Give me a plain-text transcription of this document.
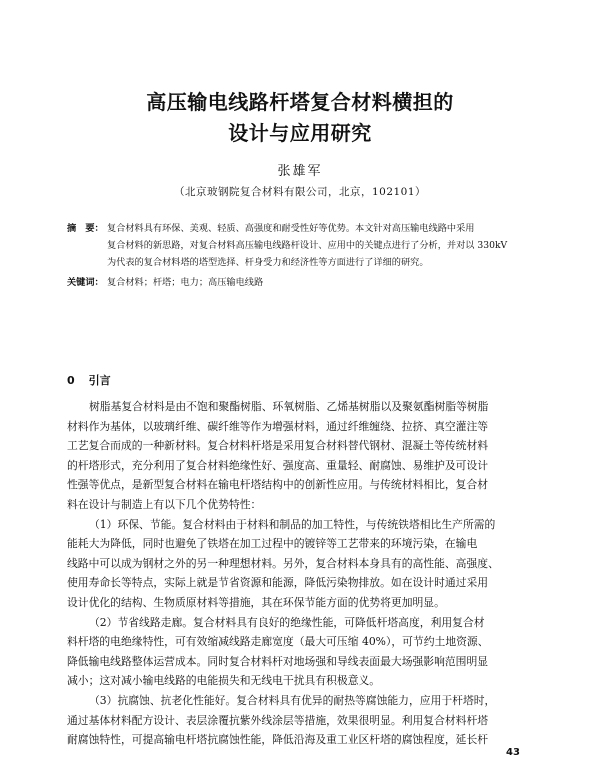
高压输电线路杆塔复合材料横担的
设计与应用研究
张雄军
（北京玻钢院复合材料有限公司，北京，102101）
摘　要： 复合材料具有环保、美观、轻质、高强度和耐受性好等优势。本文针对高压输电线路中采用
复合材料的新思路，对复合材料高压输电线路杆设计、应用中的关键点进行了分析，并对以 330kV
为代表的复合材料塔的塔型选择、杆身受力和经济性等方面进行了详细的研究。
关键词： 复合材料；杆塔；电力；高压输电线路
0 引言
树脂基复合材料是由不饱和聚酯树脂、环氧树脂、乙烯基树脂以及聚氨酯树脂等树脂
材料作为基体，以玻璃纤维、碳纤维等作为增强材料，通过纤维缠绕、拉挤、真空灌注等
工艺复合而成的一种新材料。复合材料杆塔是采用复合材料替代钢材、混凝土等传统材料
的杆塔形式，充分利用了复合材料绝缘性好、强度高、重量轻、耐腐蚀、易维护及可设计
性强等优点，是新型复合材料在输电杆塔结构中的创新性应用。与传统材料相比，复合材
料在设计与制造上有以下几个优势特性：
（1）环保、节能。复合材料由于材料和制品的加工特性，与传统铁塔相比生产所需的
能耗大为降低，同时也避免了铁塔在加工过程中的镀锌等工艺带来的环境污染，在输电
线路中可以成为钢材之外的另一种理想材料。另外，复合材料本身具有的高性能、高强度、
使用寿命长等特点，实际上就是节省资源和能源，降低污染物排放。如在设计时通过采用
设计优化的结构、生物质原材料等措施，其在环保节能方面的优势将更加明显。
（2）节省线路走廊。复合材料具有良好的绝缘性能，可降低杆塔高度，利用复合材
料杆塔的电绝缘特性，可有效缩减线路走廊宽度（最大可压缩 40%），可节约土地资源、
降低输电线路整体运营成本。同时复合材料杆对地场强和导线表面最大场强影响范围明显
减小；这对减小输电线路的电能损失和无线电干扰具有积极意义。
（3）抗腐蚀、抗老化性能好。复合材料具有优异的耐热等腐蚀能力，应用于杆塔时，
通过基体材料配方设计、表层涂覆抗紫外线涂层等措施，效果很明显。利用复合材料杆塔
耐腐蚀特性，可提高输电杆塔抗腐蚀性能，降低沿海及重工业区杆塔的腐蚀程度，延长杆
43
